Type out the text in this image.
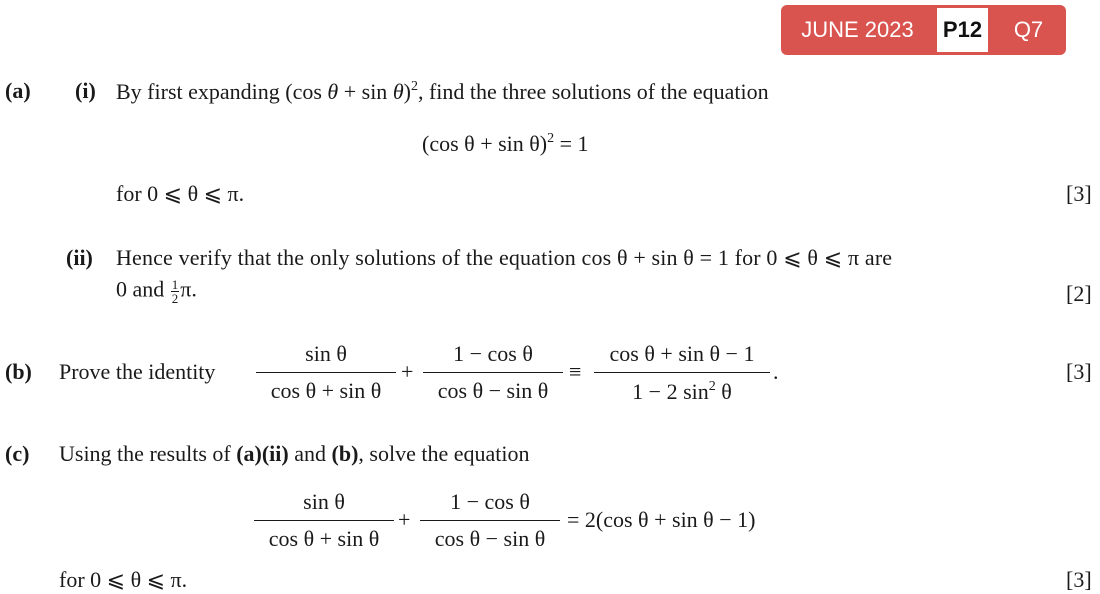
JUNE 2023	P12	Q7
(a) (i) By first expanding (cos θ + sin θ)$^2$, find the three solutions of the equation
(cos θ + sin θ)$^2$ = 1
for 0 ⩽ θ ⩽ π.	[3]
(ii) Hence verify that the only solutions of the equation cos θ + sin θ = 1 for 0 ⩽ θ ⩽ π are
0 and $\frac{1}{2} \pi$.	[2]
(b) Prove the identity
sin θ
cos θ + sin θ
+
1 − cos θ
cos θ − sin θ
≡
cos θ + sin θ − 1
1 − 2 $\sin^2 \theta$
.	[3]
(c) Using the results of (a)(ii) and (b), solve the equation
sin θ
cos θ + sin θ
+
1 − cos θ
cos θ − sin θ
= 2(cos θ + sin θ − 1)
for 0 ⩽ θ ⩽ π.	[3]
